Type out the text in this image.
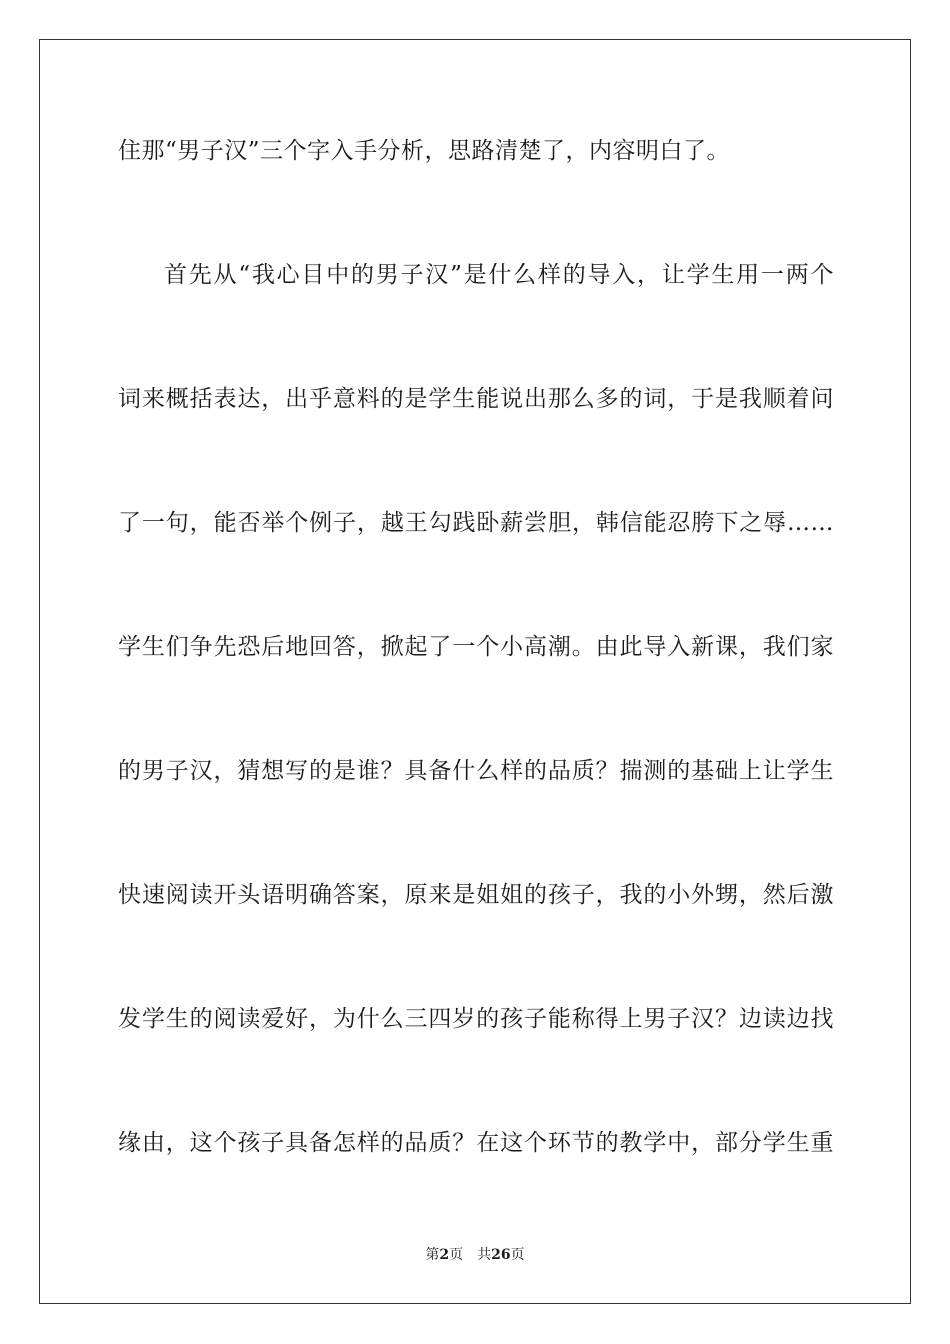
住那“男子汉”三个字入手分析，思路清楚了，内容明白了。
首先从“我心目中的男子汉”是什么样的导入，让学生用一两个
词来概括表达，出乎意料的是学生能说出那么多的词，于是我顺着问
了一句，能否举个例子，越王勾践卧薪尝胆，韩信能忍胯下之辱……
学生们争先恐后地回答，掀起了一个小高潮。由此导入新课，我们家
的男子汉，猜想写的是谁？具备什么样的品质？揣测的基础上让学生
快速阅读开头语明确答案，原来是姐姐的孩子，我的小外甥，然后激
发学生的阅读爱好，为什么三四岁的孩子能称得上男子汉？边读边找
缘由，这个孩子具备怎样的品质？在这个环节的教学中，部分学生重
第2页 共26页
